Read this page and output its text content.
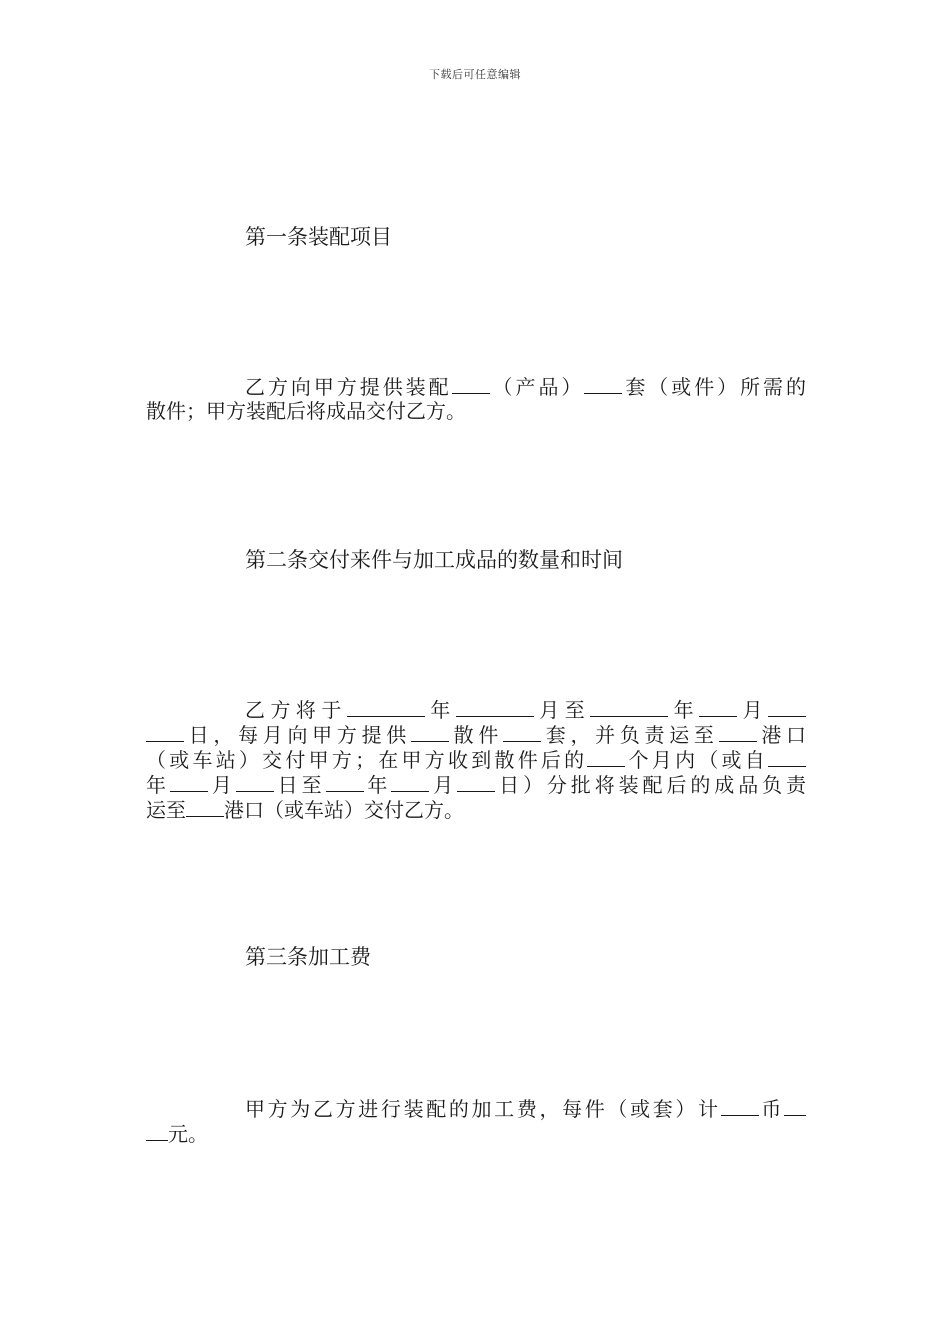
下载后可任意编辑
第一条装配项目
乙方向甲方提供装配 （产品） 套（或件）所需的
散件；甲方装配后将成品交付乙方。
第二条交付来件与加工成品的数量和时间
乙方将于	年	月至	年 月
日，每月向甲方提供 散件 套，并负责运至 港口
（或车站）交付甲方；在甲方收到散件后的 个月内（或自
年 月 日至 年 月 日）分批将装配后的成品负责
运至 港口（或车站）交付乙方。
第三条加工费
甲方为乙方进行装配的加工费，每件（或套）计 币
元。
